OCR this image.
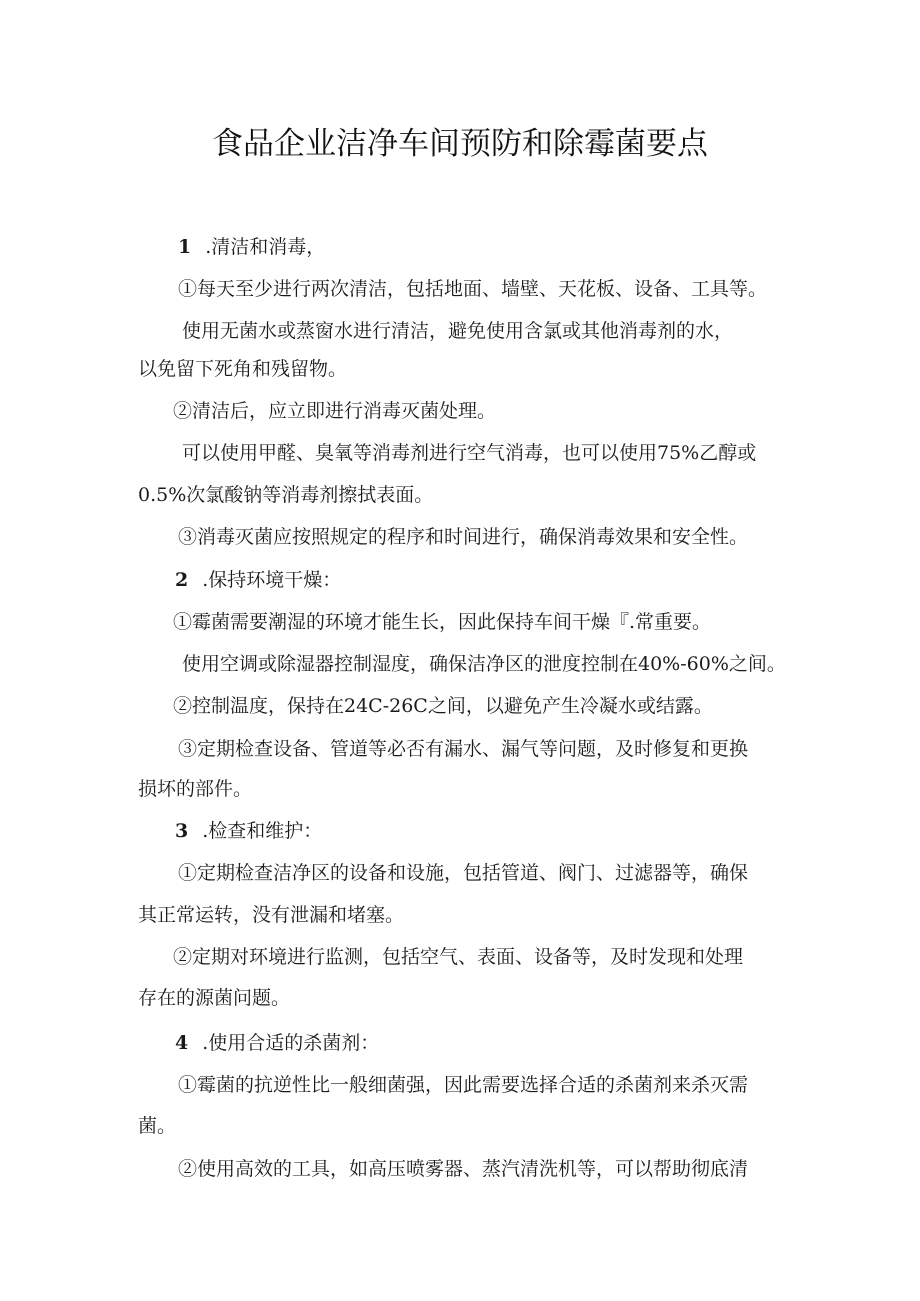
食品企业洁净车间预防和除霉菌要点
1 .清洁和消毒，
①每天至少进行两次清洁，包括地面、墙壁、天花板、设备、工具等。
使用无菌水或蒸窗水进行清洁，避免使用含氯或其他消毒剂的水，
以免留下死角和残留物。
②清洁后，应立即进行消毒灭菌处理。
可以使用甲醛、臭氧等消毒剂进行空气消毒，也可以使用75%乙醇或
0.5%次氯酸钠等消毒剂擦拭表面。
③消毒灭菌应按照规定的程序和时间进行，确保消毒效果和安全性。
2 .保持环境干燥：
①霉菌需要潮湿的环境才能生长，因此保持车间干燥『.常重要。
使用空调或除湿器控制湿度，确保洁净区的泄度控制在40%-60%之间。
②控制温度，保持在24C-26C之间，以避免产生冷凝水或结露。
③定期检查设备、管道等必否有漏水、漏气等问题，及时修复和更换
损坏的部件。
3 .检查和维护：
①定期检查洁净区的设备和设施，包括管道、阀门、过滤器等，确保
其正常运转，没有泄漏和堵塞。
②定期对环境进行监测，包括空气、表面、设备等，及时发现和处理
存在的源菌问题。
4 .使用合适的杀菌剂：
①霉菌的抗逆性比一般细菌强，因此需要选择合适的杀菌剂来杀灭需
菌。
②使用高效的工具，如高压喷雾器、蒸汽清洗机等，可以帮助彻底清
